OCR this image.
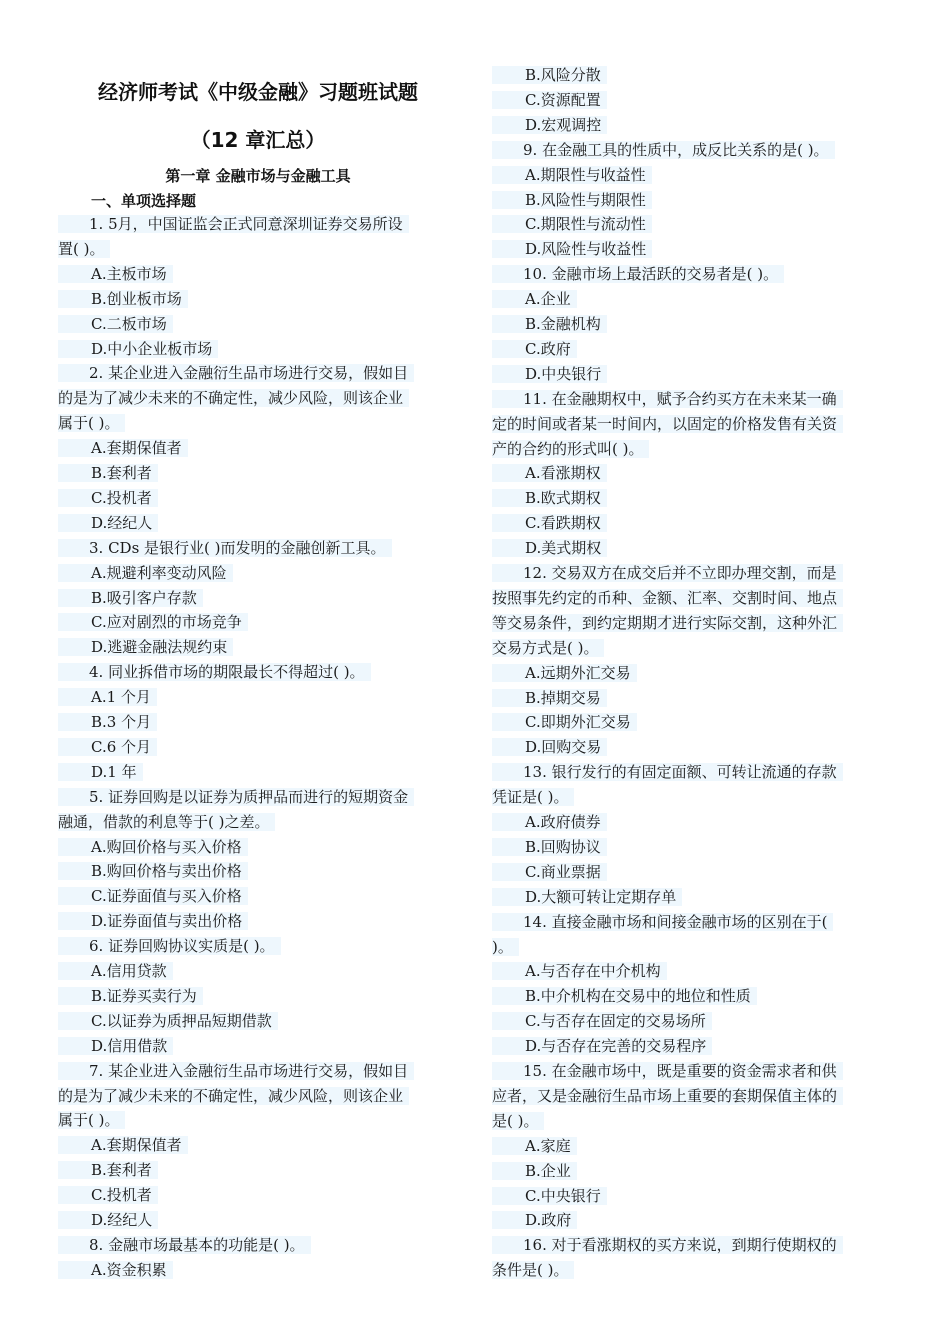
经济师考试《中级金融》习题班试题
（12 章汇总）
第一章 金融市场与金融工具
一、单项选择题
1. 5月，中国证监会正式同意深圳证券交易所设
置( )。
A.主板市场
B.创业板市场
C.二板市场
D.中小企业板市场
2. 某企业进入金融衍生品市场进行交易，假如目
的是为了减少未来的不确定性，减少风险，则该企业
属于( )。
A.套期保值者
B.套利者
C.投机者
D.经纪人
3. CDs 是银行业( )而发明的金融创新工具。
A.规避利率变动风险
B.吸引客户存款
C.应对剧烈的市场竞争
D.逃避金融法规约束
4. 同业拆借市场的期限最长不得超过( )。
A.1 个月
B.3 个月
C.6 个月
D.1 年
5. 证券回购是以证券为质押品而进行的短期资金
融通，借款的利息等于( )之差。
A.购回价格与买入价格
B.购回价格与卖出价格
C.证券面值与买入价格
D.证券面值与卖出价格
6. 证券回购协议实质是( )。
A.信用贷款
B.证券买卖行为
C.以证券为质押品短期借款
D.信用借款
7. 某企业进入金融衍生品市场进行交易，假如目
的是为了减少未来的不确定性，减少风险，则该企业
属于( )。
A.套期保值者
B.套利者
C.投机者
D.经纪人
8. 金融市场最基本的功能是( )。
A.资金积累
B.风险分散
C.资源配置
D.宏观调控
9. 在金融工具的性质中，成反比关系的是( )。
A.期限性与收益性
B.风险性与期限性
C.期限性与流动性
D.风险性与收益性
10. 金融市场上最活跃的交易者是( )。
A.企业
B.金融机构
C.政府
D.中央银行
11. 在金融期权中，赋予合约买方在未来某一确
定的时间或者某一时间内，以固定的价格发售有关资
产的合约的形式叫( )。
A.看涨期权
B.欧式期权
C.看跌期权
D.美式期权
12. 交易双方在成交后并不立即办理交割，而是
按照事先约定的币种、金额、汇率、交割时间、地点
等交易条件，到约定期期才进行实际交割，这种外汇
交易方式是( )。
A.远期外汇交易
B.掉期交易
C.即期外汇交易
D.回购交易
13. 银行发行的有固定面额、可转让流通的存款
凭证是( )。
A.政府债券
B.回购协议
C.商业票据
D.大额可转让定期存单
14. 直接金融市场和间接金融市场的区别在于(
)。
A.与否存在中介机构
B.中介机构在交易中的地位和性质
C.与否存在固定的交易场所
D.与否存在完善的交易程序
15. 在金融市场中，既是重要的资金需求者和供
应者，又是金融衍生品市场上重要的套期保值主体的
是( )。
A.家庭
B.企业
C.中央银行
D.政府
16. 对于看涨期权的买方来说，到期行使期权的
条件是( )。
